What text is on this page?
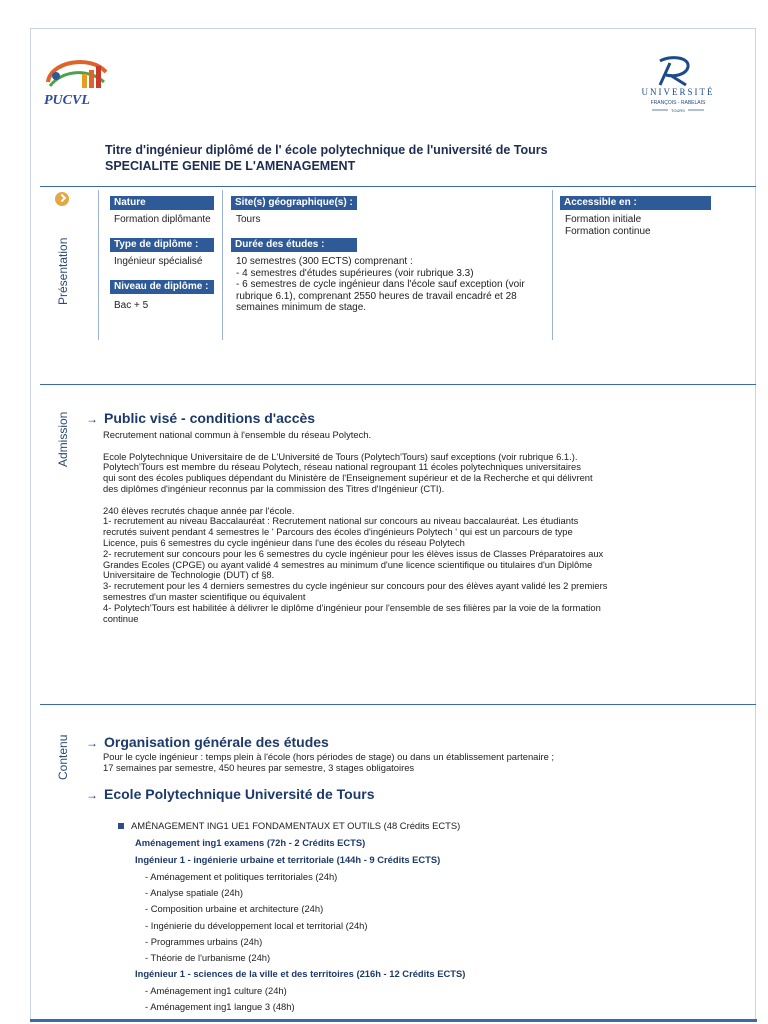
PUCVL
UNIVERSITÉ
FRANÇOIS - RABELAIS
TOURS
Titre d'ingénieur diplômé de l' école polytechnique de l'université de Tours
SPECIALITE GENIE DE L'AMENAGEMENT
Présentation
Nature
Formation diplômante
Type de diplôme :
Ingénieur spécialisé
Niveau de diplôme :
Bac + 5
Site(s) géographique(s) :
Tours
Durée des études :
10 semestres (300 ECTS) comprenant :
- 4 semestres d'études supérieures (voir rubrique 3.3)
- 6 semestres de cycle ingénieur dans l'école sauf exception (voir
rubrique 6.1), comprenant 2550 heures de travail encadré et 28
semaines minimum de stage.
Accessible en :
Formation initiale
Formation continue
Admission → Public visé - conditions d'accès

Recrutement national commun à l'ensemble du réseau Polytech.

Ecole Polytechnique Universitaire de de L'Université de Tours (Polytech'Tours) sauf exceptions (voir rubrique 6.1.).
Polytech'Tours est membre du réseau Polytech, réseau national regroupant 11 écoles polytechniques universitaires
qui sont des écoles publiques dépendant du Ministère de l'Enseignement supérieur et de la Recherche et qui délivrent
des diplômes d'ingénieur reconnus par la commission des Titres d'Ingénieur (CTI).

240 élèves recrutés chaque année par l'école.
1- recrutement au niveau Baccalauréat : Recrutement national sur concours au niveau baccalauréat. Les étudiants
recrutés suivent pendant 4 semestres le ' Parcours des écoles d'ingénieurs Polytech ' qui est un parcours de type
Licence, puis 6 semestres du cycle ingénieur dans l'une des écoles du réseau Polytech
2- recrutement sur concours pour les 6 semestres du cycle ingénieur pour les élèves issus de Classes Préparatoires aux
Grandes Ecoles (CPGE) ou ayant validé 4 semestres au minimum d'une licence scientifique ou titulaires d'un Diplôme
Universitaire de Technologie (DUT) cf §8.
3- recrutement pour les 4 derniers semestres du cycle ingénieur sur concours pour des élèves ayant validé les 2 premiers
semestres d'un master scientifique ou équivalent
4- Polytech'Tours est habilitée à délivrer le diplôme d'ingénieur pour l'ensemble de ses filières par la voie de la formation
continue

Contenu → Organisation générale des études
Pour le cycle ingénieur : temps plein à l'école (hors périodes de stage) ou dans un établissement partenaire ;
17 semaines par semestre, 450 heures par semestre, 3 stages obligatoires
→ Ecole Polytechnique Université de Tours
AMÉNAGEMENT ING1 UE1 FONDAMENTAUX ET OUTILS (48 Crédits ECTS)
Aménagement ing1 examens (72h - 2 Crédits ECTS)
Ingénieur 1 - ingénierie urbaine et territoriale (144h - 9 Crédits ECTS)
- Aménagement et politiques territoriales (24h)
- Analyse spatiale (24h)
- Composition urbaine et architecture (24h)
- Ingénierie du développement local et territorial (24h)
- Programmes urbains (24h)
- Théorie de l'urbanisme (24h)
Ingénieur 1 - sciences de la ville et des territoires (216h - 12 Crédits ECTS)
- Aménagement ing1 culture (24h)
- Aménagement ing1 langue 3 (48h)
